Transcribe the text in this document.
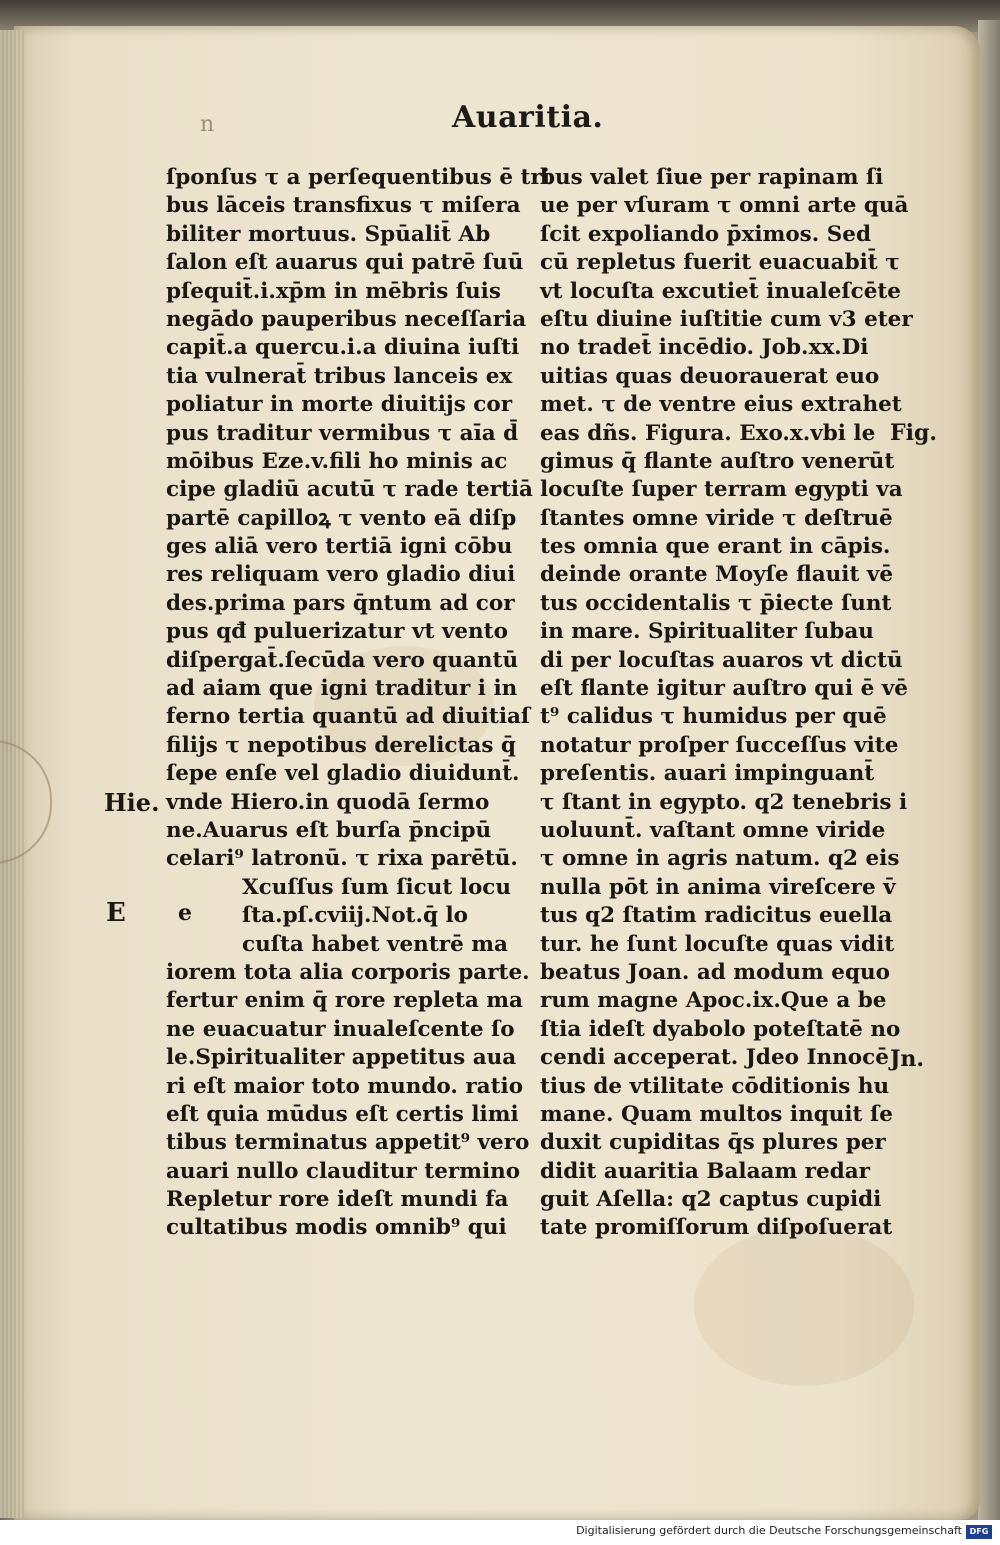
n	Auaritia.
ſponſus τ a perſequentibus ē tri
bus lāceis transfixus τ miſera
biliter mortuus. Spūalit̄ Ab
ſalon eſt auarus qui patrē ſuū
pſequit̄.i.xp̄m in mēbris ſuis
negādo pauperibus neceſſaria
capit̄.a quercu.i.a diuina iuſti
tia vulnerat̄ tribus lanceis ex
poliatur in morte diuitijs cor
pus traditur vermibus τ aīa d̄
mōibus Eze.v.fili ho minis ac
cipe gladiū acutū τ rade tertiā
partē capilloꝝ τ vento eā diſp
ges aliā vero tertiā igni cōbu
res reliquam vero gladio diui
des.prima pars q̄ntum ad cor
pus qđ puluerizatur vt vento
diſpergat̄.ſecūda vero quantū
ad aiam que igni traditur i in
ferno tertia quantū ad diuitiaſ
filijs τ nepotibus derelictas q̄
ſepe enſe vel gladio diuidunt̄.
vnde Hiero.in quodā ſermo
ne.Auarus eſt burſa p̄ncipū
celari⁹ latronū. τ rixa parētū.
Xcuſſus ſum ſicut locu
ſta.pſ.cviij.Not.q̄ lo
cuſta habet ventrē ma
iorem tota alia corporis parte.
fertur enim q̄ rore repleta ma
ne euacuatur inualeſcente ſo
le.Spiritualiter appetitus aua
ri eſt maior toto mundo. ratio
eſt quia mūdus eſt certis limi
tibus terminatus appetit⁹ vero
auari nullo clauditur termino
Repletur rore ideſt mundi fa
cultatibus modis omnib⁹ qui
bus valet ſiue per rapinam ſi
ue per vſuram τ omni arte quā
ſcit expoliando p̄ximos. Sed
cū repletus fuerit euacuabit̄ τ
vt locuſta excutiet̄ inualeſcēte
eſtu diuine iuſtitie cum v3 eter
no tradet̄ incēdio. Job.xx.Di
uitias quas deuorauerat euo
met. τ de ventre eius extrahet
eas dñs. Figura. Exo.x.vbi le
gimus q̄ flante auſtro venerūt
locuſte ſuper terram egypti va
ſtantes omne viride τ deſtruē
tes omnia que erant in cāpis.
deinde orante Moyſe flauit vē
tus occidentalis τ p̄iecte ſunt
in mare. Spiritualiter ſubau
di per locuſtas auaros vt dictū
eſt flante igitur auſtro qui ē vē
t⁹ calidus τ humidus per quē
notatur proſper ſucceſſus vite
preſentis. auari impinguant̄
τ ſtant in egypto. q2 tenebris i
uoluunt̄. vaſtant omne viride
τ omne in agris natum. q2 eis
nulla pōt in anima vireſcere v̄
tus q2 ſtatim radicitus euella
tur. he ſunt locuſte quas vidit
beatus Joan. ad modum equo
rum magne Apoc.ix.Que a be
ſtia ideſt dyabolo poteſtatē no
cendi acceperat. Jdeo Innocē
tius de vtilitate cōditionis hu
mane. Quam multos inquit ſe
duxit cupiditas q̄s plures per
didit auaritia Balaam redar
guit Aſella: q2 captus cupidi
tate promiſſorum diſpoſuerat
Hie.
E e
Fig.
Jn.
Digitalisierung gefördert durch die Deutsche Forschungsgemeinschaft DFG
